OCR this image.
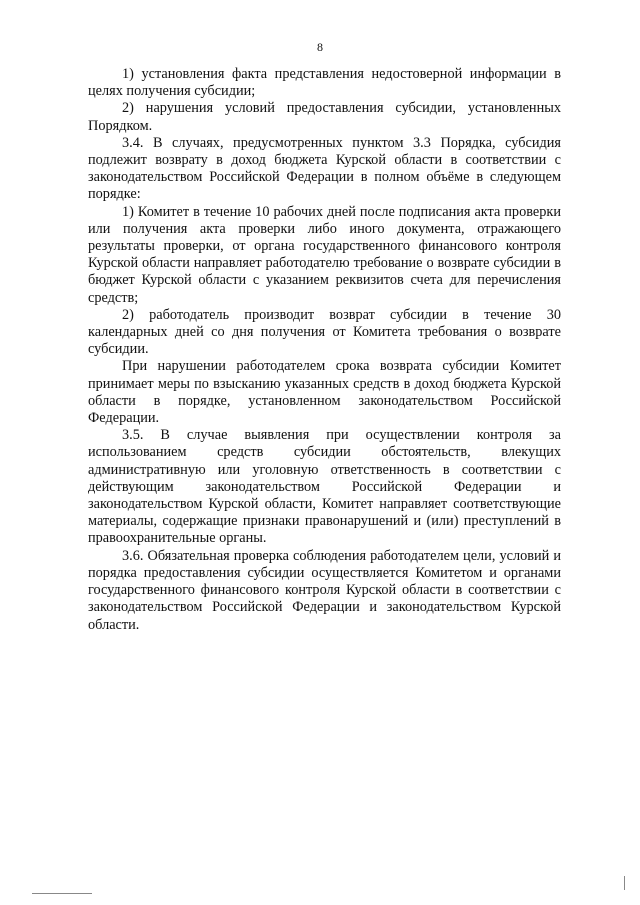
8

1) установления факта представления недостоверной информации в целях получения субсидии;

2) нарушения условий предоставления субсидии, установленных Порядком.

3.4. В случаях, предусмотренных пунктом 3.3 Порядка, субсидия подлежит возврату в доход бюджета Курской области в соответствии с законодательством Российской Федерации в полном объёме в следующем порядке:

1) Комитет в течение 10 рабочих дней после подписания акта проверки или получения акта проверки либо иного документа, отражающего результаты проверки, от органа государственного финансового контроля Курской области направляет работодателю требование о возврате субсидии в бюджет Курской области с указанием реквизитов счета для перечисления средств;

2) работодатель производит возврат субсидии в течение 30 календарных дней со дня получения от Комитета требования о возврате субсидии.

При нарушении работодателем срока возврата субсидии Комитет принимает меры по взысканию указанных средств в доход бюджета Курской области в порядке, установленном законодательством Российской Федерации.

3.5. В случае выявления при осуществлении контроля за использованием средств субсидии обстоятельств, влекущих административную или уголовную ответственность в соответствии с действующим законодательством Российской Федерации и законодательством Курской области, Комитет направляет соответствующие материалы, содержащие признаки правонарушений и (или) преступлений в правоохранительные органы.

3.6. Обязательная проверка соблюдения работодателем цели, условий и порядка предоставления субсидии осуществляется Комитетом и органами государственного финансового контроля Курской области в соответствии с законодательством Российской Федерации и законодательством Курской области.
